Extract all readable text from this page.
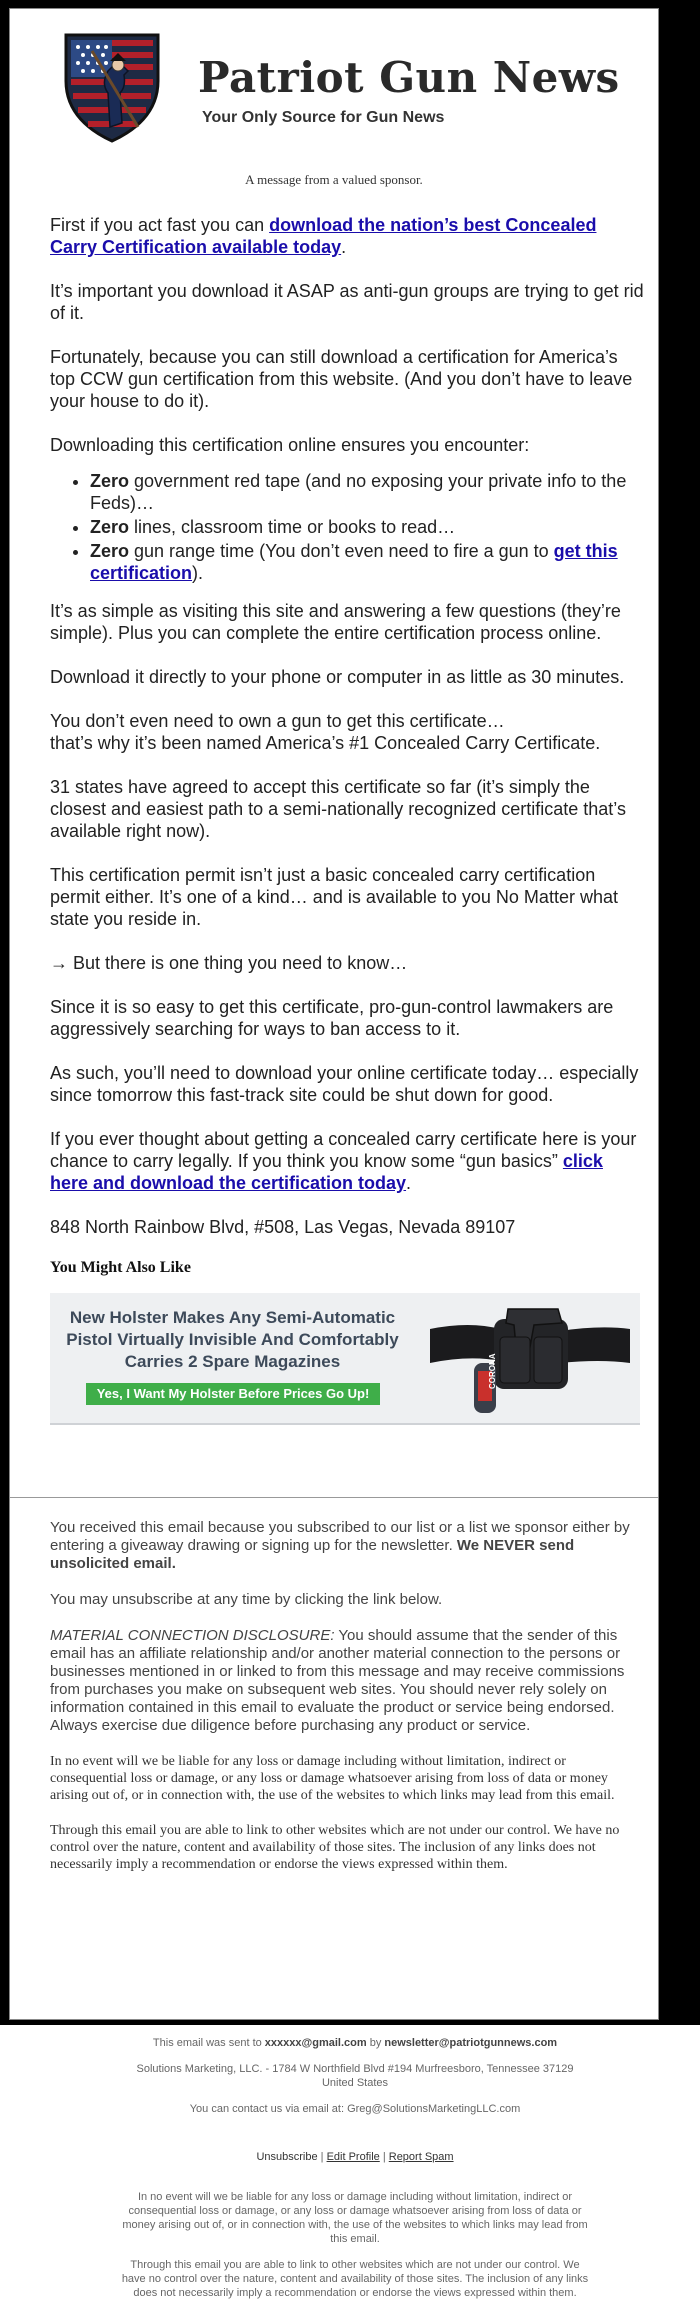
Patriot Gun News
Your Only Source for Gun News
A message from a valued sponsor.

First if you act fast you can download the nation’s best Concealed Carry Certification available today.

It’s important you download it ASAP as anti-gun groups are trying to get rid of it.

Fortunately, because you can still download a certification for America’s top CCW gun certification from this website. (And you don’t have to leave your house to do it).

Downloading this certification online ensures you encounter:

• Zero government red tape (and no exposing your private info to the Feds)…
• Zero lines, classroom time or books to read…
• Zero gun range time (You don’t even need to fire a gun to get this certification).

It’s as simple as visiting this site and answering a few questions (they’re simple). Plus you can complete the entire certification process online.

Download it directly to your phone or computer in as little as 30 minutes.

You don’t even need to own a gun to get this certificate…
that’s why it’s been named America’s #1 Concealed Carry Certificate.

31 states have agreed to accept this certificate so far (it’s simply the closest and easiest path to a semi-nationally recognized certificate that’s available right now).

This certification permit isn’t just a basic concealed carry certification permit either. It’s one of a kind… and is available to you No Matter what state you reside in.

→ But there is one thing you need to know…

Since it is so easy to get this certificate, pro-gun-control lawmakers are aggressively searching for ways to ban access to it.

As such, you’ll need to download your online certificate today… especially since tomorrow this fast-track site could be shut down for good.

If you ever thought about getting a concealed carry certificate here is your chance to carry legally. If you think you know some “gun basics” click here and download the certification today.

848 North Rainbow Blvd, #508, Las Vegas, Nevada 89107

You Might Also Like
New Holster Makes Any Semi-Automatic Pistol Virtually Invisible And Comfortably Carries 2 Spare Magazines
Yes, I Want My Holster Before Prices Go Up!
CORONA

You received this email because you subscribed to our list or a list we sponsor either by entering a giveaway drawing or signing up for the newsletter. We NEVER send unsolicited email.

You may unsubscribe at any time by clicking the link below.

MATERIAL CONNECTION DISCLOSURE: You should assume that the sender of this email has an affiliate relationship and/or another material connection to the persons or businesses mentioned in or linked to from this message and may receive commissions from purchases you make on subsequent web sites. You should never rely solely on information contained in this email to evaluate the product or service being endorsed. Always exercise due diligence before purchasing any product or service.

In no event will we be liable for any loss or damage including without limitation, indirect or consequential loss or damage, or any loss or damage whatsoever arising from loss of data or money arising out of, or in connection with, the use of the websites to which links may lead from this email.

Through this email you are able to link to other websites which are not under our control. We have no control over the nature, content and availability of those sites. The inclusion of any links does not necessarily imply a recommendation or endorse the views expressed within them.

This email was sent to xxxxxx@gmail.com by newsletter@patriotgunnews.com

Solutions Marketing, LLC. - 1784 W Northfield Blvd #194 Murfreesboro, Tennessee 37129 United States

You can contact us via email at: Greg@SolutionsMarketingLLC.com

Unsubscribe | Edit Profile | Report Spam

In no event will we be liable for any loss or damage including without limitation, indirect or consequential loss or damage, or any loss or damage whatsoever arising from loss of data or money arising out of, or in connection with, the use of the websites to which links may lead from this email.

Through this email you are able to link to other websites which are not under our control. We have no control over the nature, content and availability of those sites. The inclusion of any links does not necessarily imply a recommendation or endorse the views expressed within them.
